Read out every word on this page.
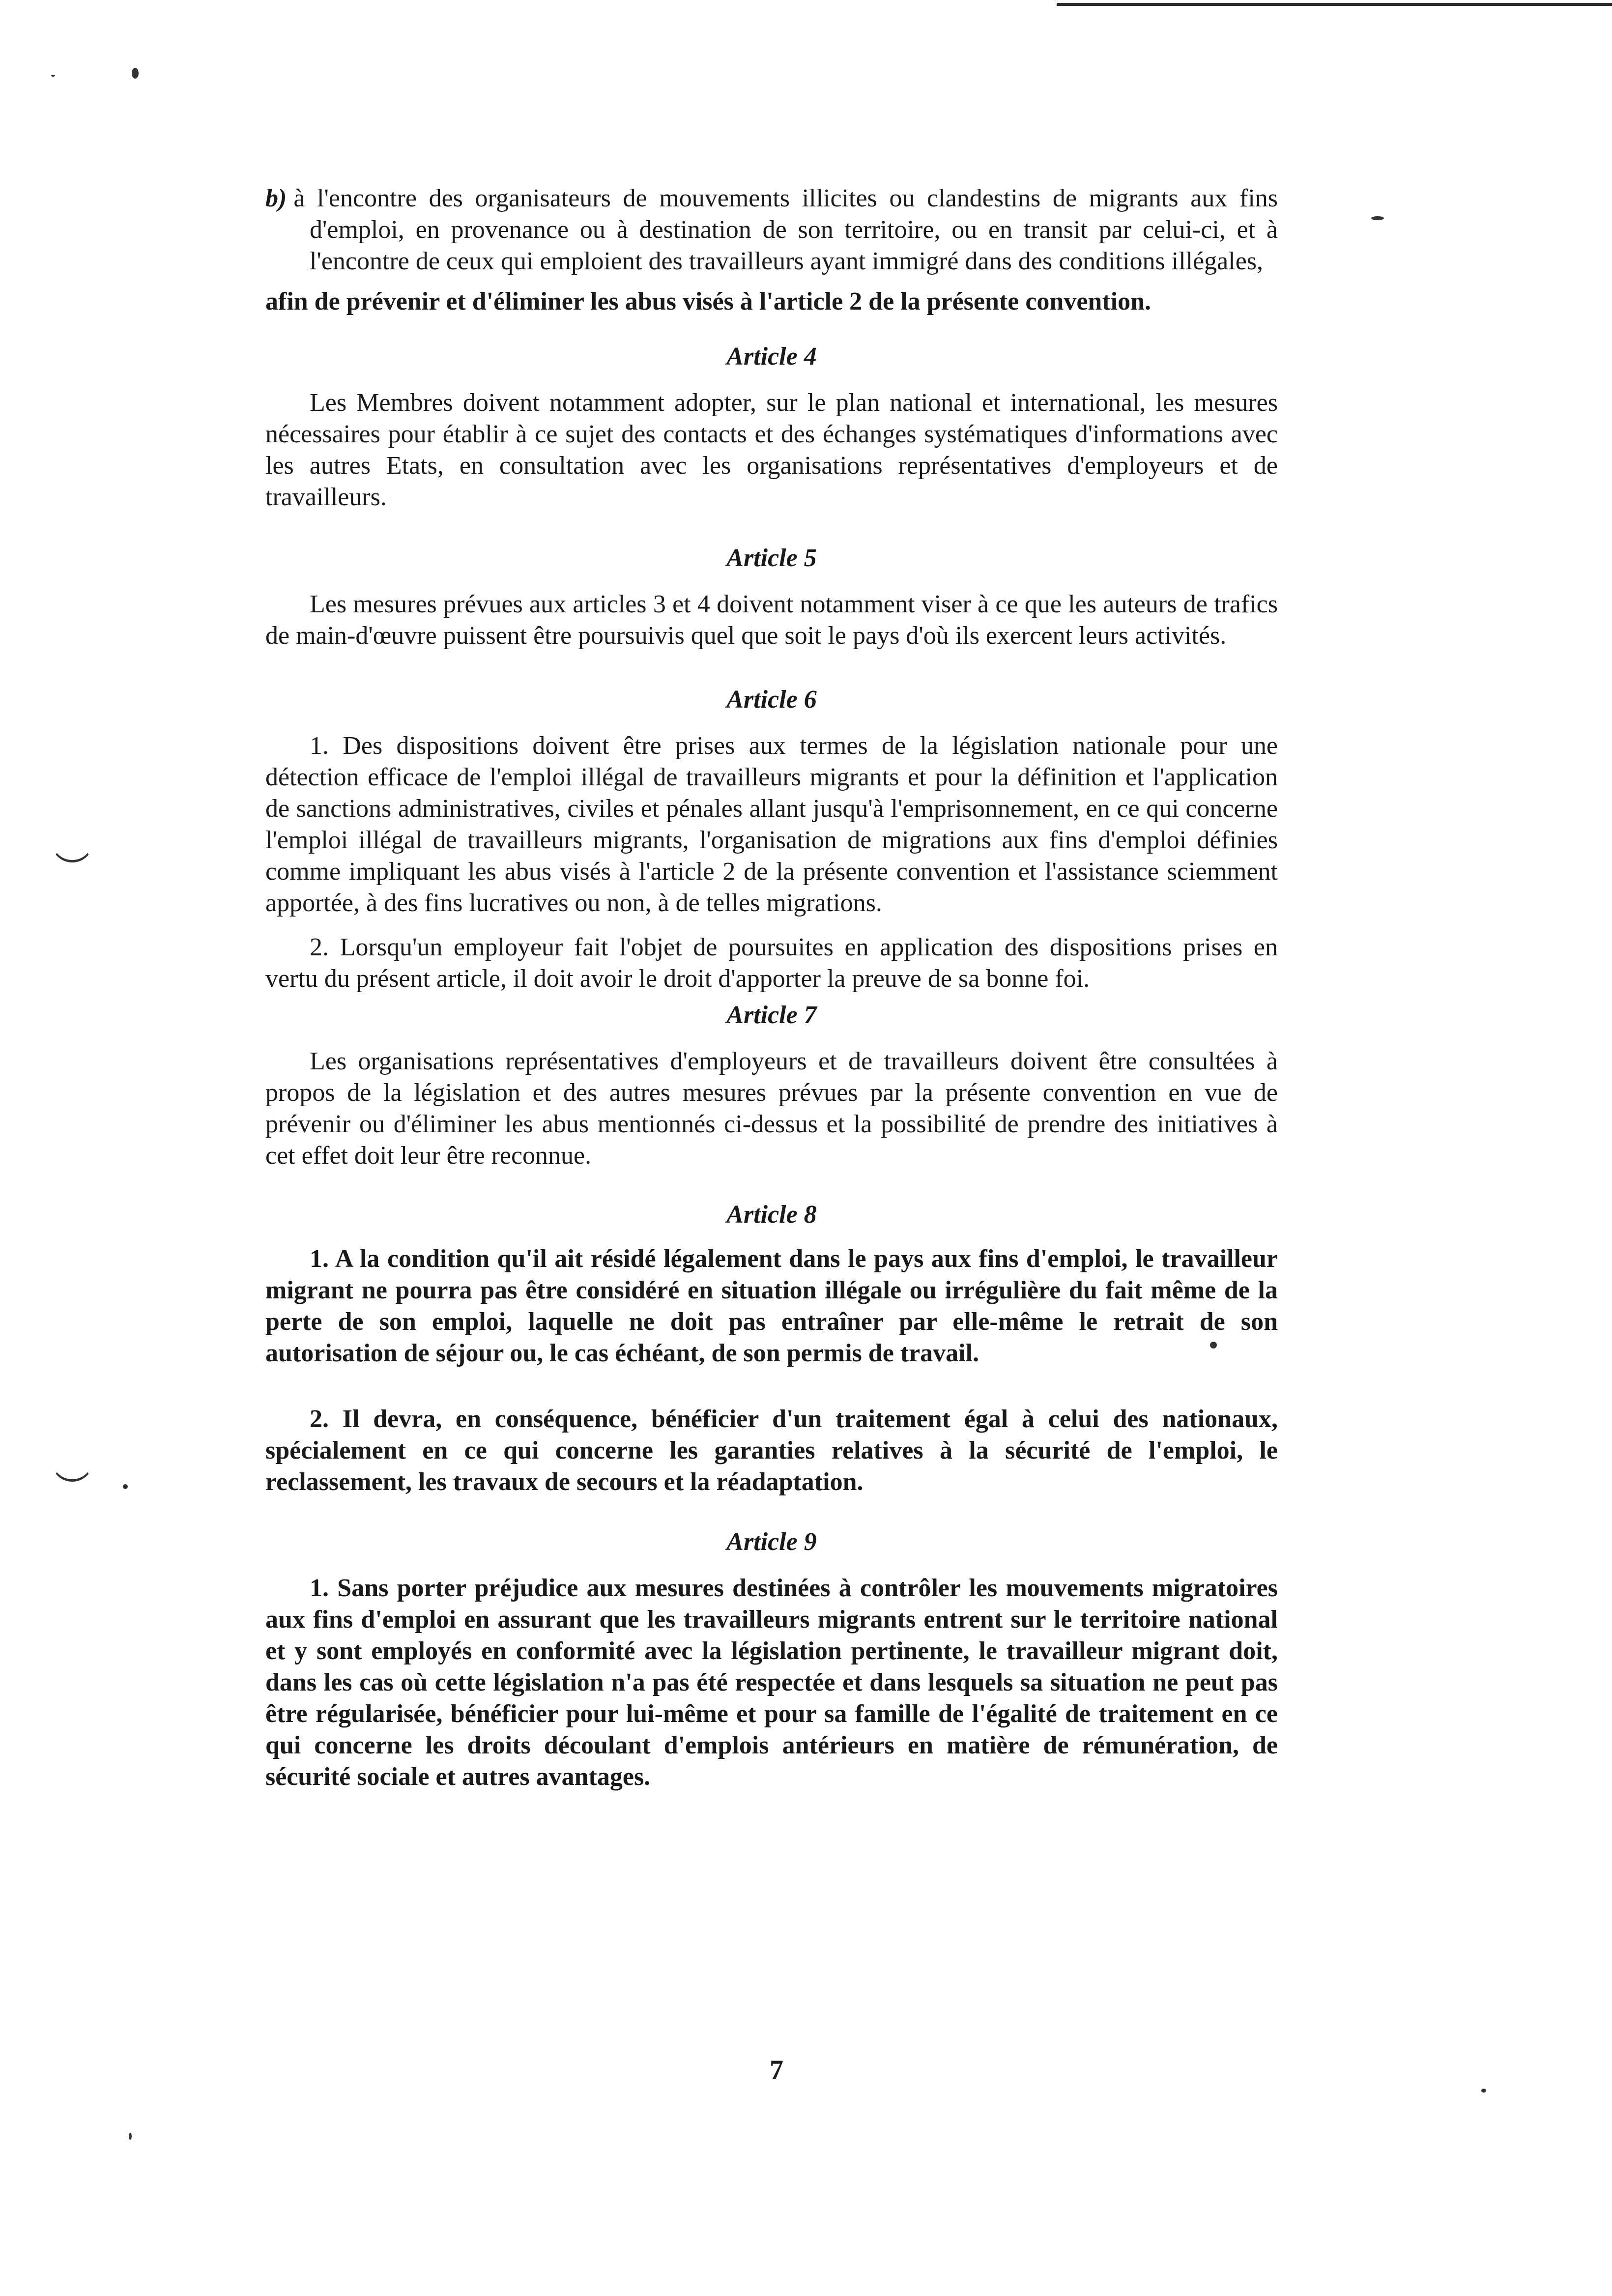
b) à l'encontre des organisateurs de mouvements illicites ou clandestins de migrants aux fins d'emploi, en provenance ou à destination de son territoire, ou en transit par celui-ci, et à l'encontre de ceux qui emploient des travailleurs ayant immigré dans des conditions illégales,

afin de prévenir et d'éliminer les abus visés à l'article 2 de la présente convention.

Article 4

Les Membres doivent notamment adopter, sur le plan national et international, les mesures nécessaires pour établir à ce sujet des contacts et des échanges systématiques d'informations avec les autres Etats, en consultation avec les organisations représentatives d'employeurs et de travailleurs.

Article 5

Les mesures prévues aux articles 3 et 4 doivent notamment viser à ce que les auteurs de trafics de main-d'œuvre puissent être poursuivis quel que soit le pays d'où ils exercent leurs activités.

Article 6

1. Des dispositions doivent être prises aux termes de la législation nationale pour une détection efficace de l'emploi illégal de travailleurs migrants et pour la définition et l'application de sanctions administratives, civiles et pénales allant jusqu'à l'emprisonnement, en ce qui concerne l'emploi illégal de travailleurs migrants, l'organisation de migrations aux fins d'emploi définies comme impliquant les abus visés à l'article 2 de la présente convention et l'assistance sciemment apportée, à des fins lucratives ou non, à de telles migrations.

2. Lorsqu'un employeur fait l'objet de poursuites en application des dispositions prises en vertu du présent article, il doit avoir le droit d'apporter la preuve de sa bonne foi.

Article 7

Les organisations représentatives d'employeurs et de travailleurs doivent être consultées à propos de la législation et des autres mesures prévues par la présente convention en vue de prévenir ou d'éliminer les abus mentionnés ci-dessus et la possibilité de prendre des initiatives à cet effet doit leur être reconnue.

Article 8

1. A la condition qu'il ait résidé légalement dans le pays aux fins d'emploi, le travailleur migrant ne pourra pas être considéré en situation illégale ou irrégulière du fait même de la perte de son emploi, laquelle ne doit pas entraîner par elle-même le retrait de son autorisation de séjour ou, le cas échéant, de son permis de travail.

2. Il devra, en conséquence, bénéficier d'un traitement égal à celui des nationaux, spécialement en ce qui concerne les garanties relatives à la sécurité de l'emploi, le reclassement, les travaux de secours et la réadaptation.

Article 9

1. Sans porter préjudice aux mesures destinées à contrôler les mouvements migratoires aux fins d'emploi en assurant que les travailleurs migrants entrent sur le territoire national et y sont employés en conformité avec la législation pertinente, le travailleur migrant doit, dans les cas où cette législation n'a pas été respectée et dans lesquels sa situation ne peut pas être régularisée, bénéficier pour lui-même et pour sa famille de l'égalité de traitement en ce qui concerne les droits découlant d'emplois antérieurs en matière de rémunération, de sécurité sociale et autres avantages.

7
